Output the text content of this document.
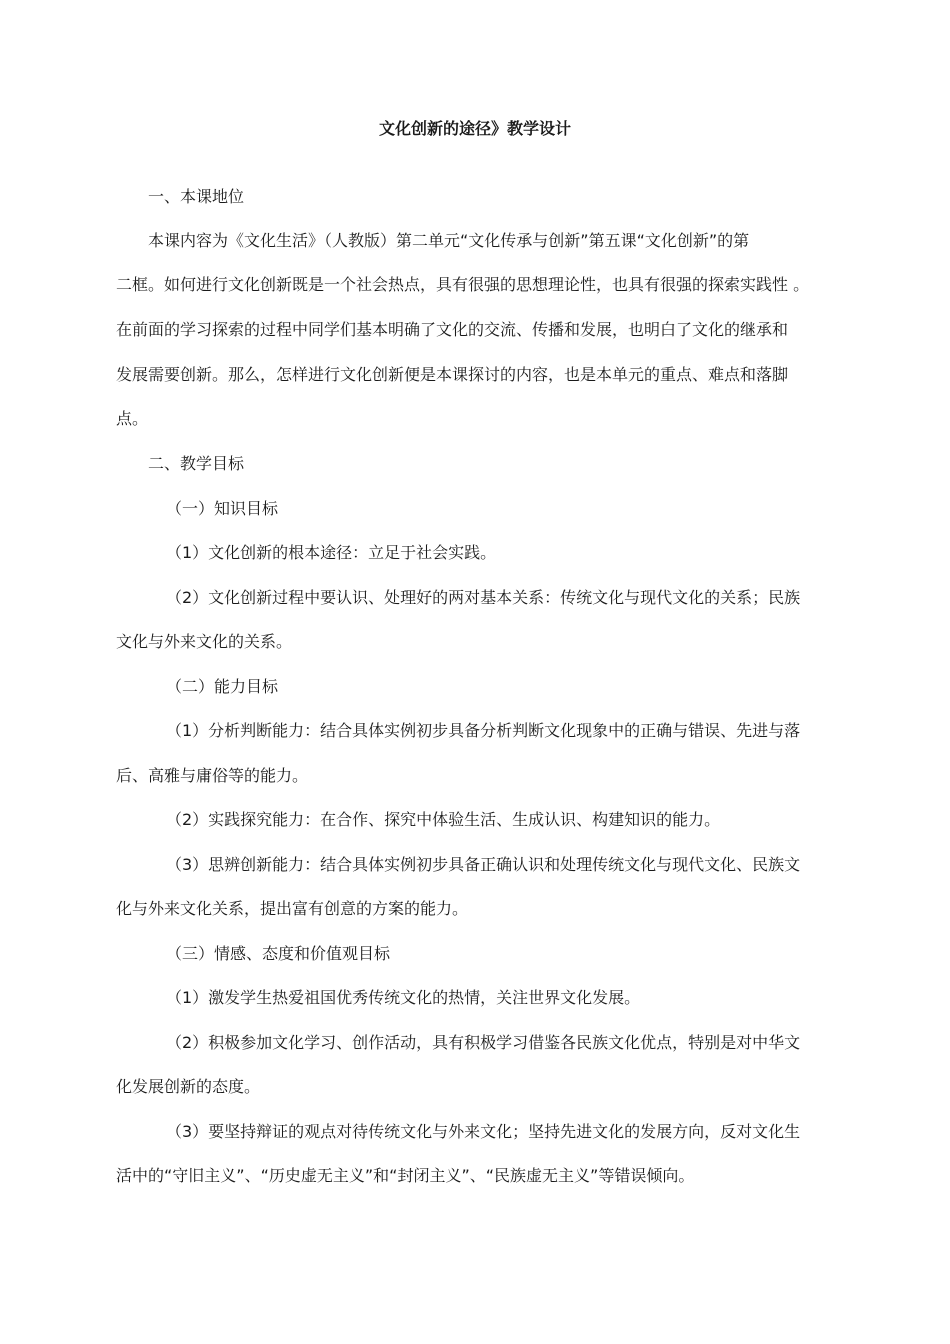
文化创新的途径》教学设计
一、本课地位
本课内容为《文化生活》（人教版）第二单元“文化传承与创新”第五课“文化创新”的第
二框。如何进行文化创新既是一个社会热点，具有很强的思想理论性，也具有很强的探索实践性 。
在前面的学习探索的过程中同学们基本明确了文化的交流、传播和发展，也明白了文化的继承和
发展需要创新。那么，怎样进行文化创新便是本课探讨的内容，也是本单元的重点、难点和落脚
点。
二、教学目标
（一）知识目标
（1）文化创新的根本途径：立足于社会实践。
（2）文化创新过程中要认识、处理好的两对基本关系：传统文化与现代文化的关系；民族
文化与外来文化的关系。
（二）能力目标
（1）分析判断能力：结合具体实例初步具备分析判断文化现象中的正确与错误、先进与落
后、高雅与庸俗等的能力。
（2）实践探究能力：在合作、探究中体验生活、生成认识、构建知识的能力。
（3）思辨创新能力：结合具体实例初步具备正确认识和处理传统文化与现代文化、民族文
化与外来文化关系，提出富有创意的方案的能力。
（三）情感、态度和价值观目标
（1）激发学生热爱祖国优秀传统文化的热情，关注世界文化发展。
（2）积极参加文化学习、创作活动，具有积极学习借鉴各民族文化优点，特别是对中华文
化发展创新的态度。
（3）要坚持辩证的观点对待传统文化与外来文化；坚持先进文化的发展方向，反对文化生
活中的“守旧主义”、“历史虚无主义”和“封闭主义”、“民族虚无主义”等错误倾向。
